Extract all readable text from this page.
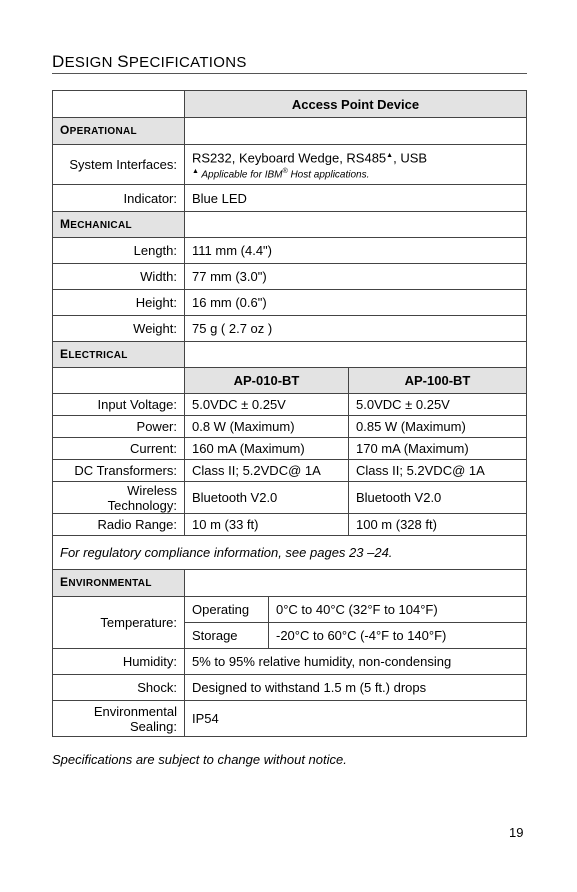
DESIGN SPECIFICATIONS
	Access Point Device		
OPERATIONAL			
System Interfaces:	RS232, Keyboard Wedge, RS485▲, USB
▲ Applicable for IBM® Host applications.		

Indicator:	Blue LED		
MECHANICAL			
Length:	111 mm (4.4")		
Width:	77 mm (3.0")		
Height:	16 mm (0.6")		
Weight:	75 g ( 2.7 oz )		
ELECTRICAL			
	AP-010-BT		AP-100-BT
Input Voltage:	5.0VDC ± 0.25V		5.0VDC ± 0.25V
Power:	0.8 W (Maximum)		0.85 W (Maximum)
Current:	160 mA (Maximum)		170 mA (Maximum)
DC Transformers:	Class II; 5.2VDC@ 1A		Class II; 5.2VDC@ 1A
Wireless Technology:	Bluetooth V2.0		Bluetooth V2.0
Radio Range:	10 m (33 ft)		100 m (328 ft)
For regulatory compliance information, see pages 23 –24.			
ENVIRONMENTAL			
Temperature:	Operating	0°C to 40°C (32°F to 104°F)	
	Storage	-20°C to 60°C (-4°F to 140°F)	
Humidity:	5% to 95% relative humidity, non-condensing		
Shock:	Designed to withstand 1.5 m (5 ft.) drops		
Environmental Sealing:	IP54		
Specifications are subject to change without notice.
19
